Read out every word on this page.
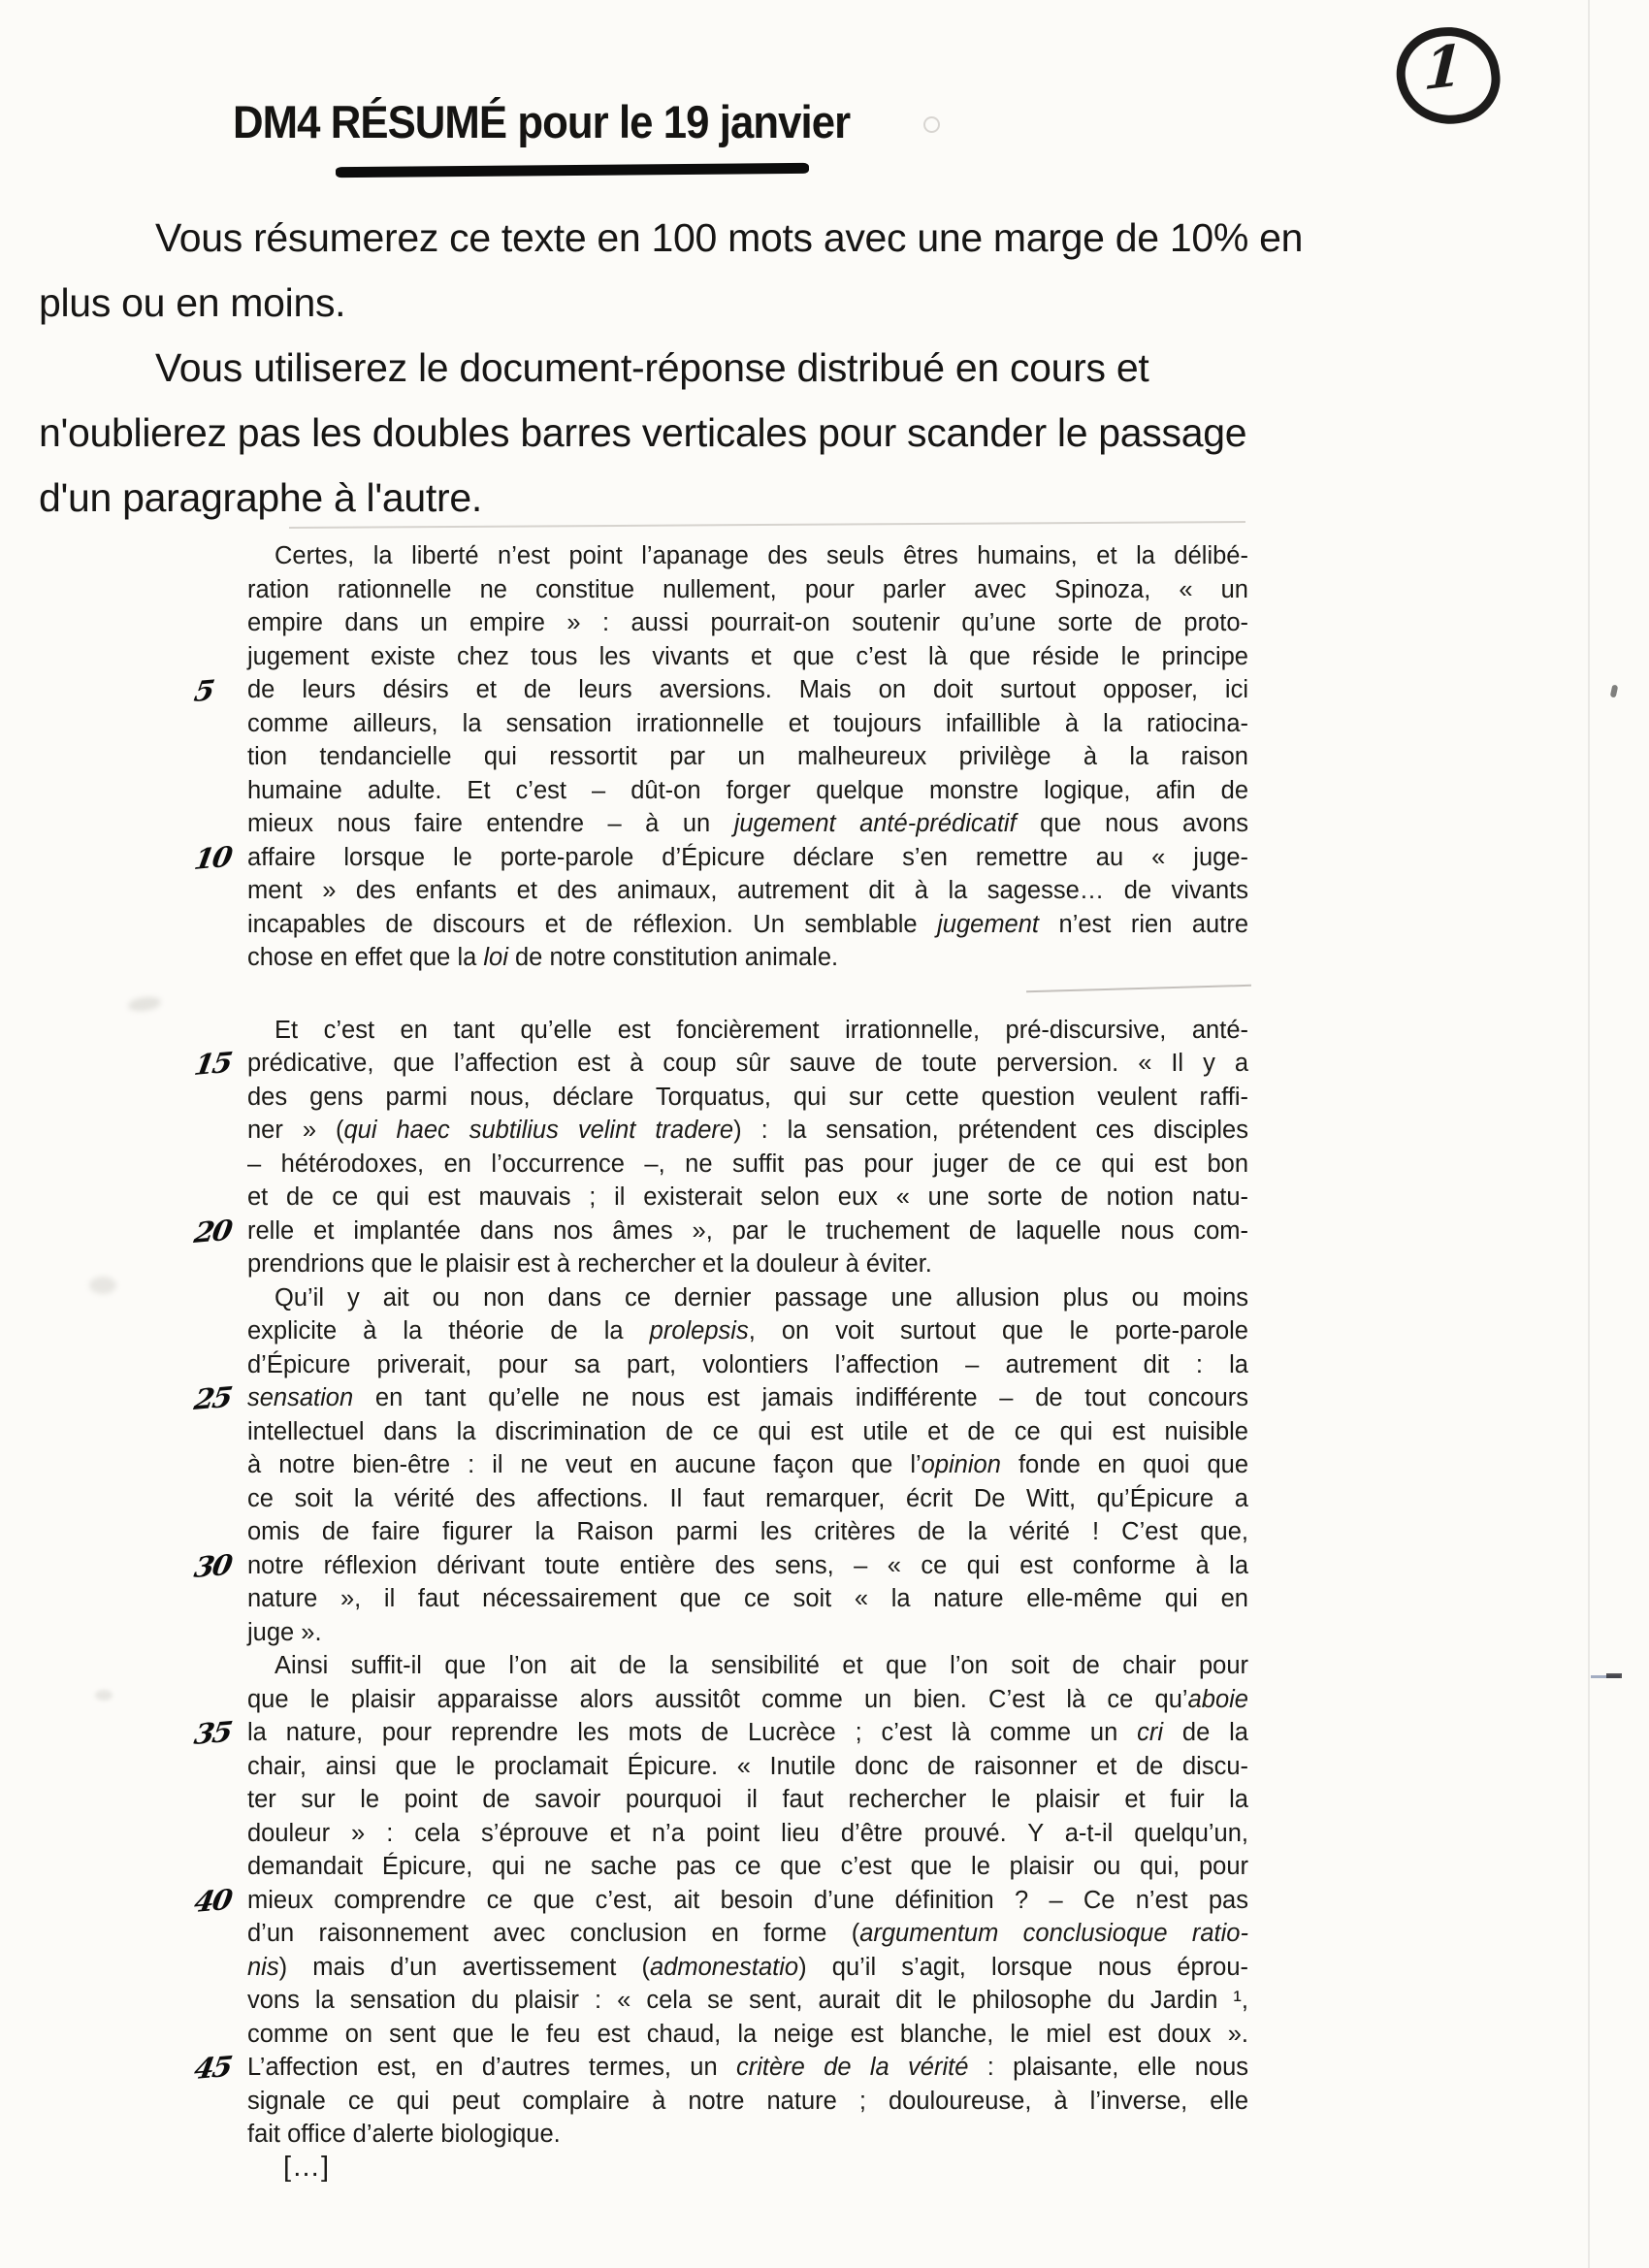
1
DM4 RÉSUMÉ pour le 19 janvier
Vous résumerez ce texte en 100 mots avec une marge de 10% en
plus ou en moins.
Vous utiliserez le document-réponse distribué en cours et
n'oublierez pas les doubles barres verticales pour scander le passage
d'un paragraphe à l'autre.
Certes, la liberté n’est point l’apanage des seuls êtres humains, et la délibé-
ration rationnelle ne constitue nullement, pour parler avec Spinoza, « un
empire dans un empire » : aussi pourrait-on soutenir qu’une sorte de proto-
jugement existe chez tous les vivants et que c’est là que réside le principe
5	de leurs désirs et de leurs aversions. Mais on doit surtout opposer, ici
comme ailleurs, la sensation irrationnelle et toujours infaillible à la ratiocina-
tion tendancielle qui ressortit par un malheureux privilège à la raison
humaine adulte. Et c’est – dût-on forger quelque monstre logique, afin de
mieux nous faire entendre – à un jugement anté-prédicatif que nous avons
10 affaire lorsque le porte-parole d’Épicure déclare s’en remettre au « juge-
ment » des enfants et des animaux, autrement dit à la sagesse… de vivants
incapables de discours et de réflexion. Un semblable jugement n’est rien autre
chose en effet que la loi de notre constitution animale.
Et c’est en tant qu’elle est foncièrement irrationnelle, pré-discursive, anté-
15 prédicative, que l’affection est à coup sûr sauve de toute perversion. « Il y a
des gens parmi nous, déclare Torquatus, qui sur cette question veulent raffi-
ner » (qui haec subtilius velint tradere) : la sensation, prétendent ces disciples
– hétérodoxes, en l’occurrence –, ne suffit pas pour juger de ce qui est bon
et de ce qui est mauvais ; il existerait selon eux « une sorte de notion natu-
20 relle et implantée dans nos âmes », par le truchement de laquelle nous com-
prendrions que le plaisir est à rechercher et la douleur à éviter.
Qu’il y ait ou non dans ce dernier passage une allusion plus ou moins
explicite à la théorie de la prolepsis, on voit surtout que le porte-parole
d’Épicure priverait, pour sa part, volontiers l’affection – autrement dit : la
25 sensation en tant qu’elle ne nous est jamais indifférente – de tout concours
intellectuel dans la discrimination de ce qui est utile et de ce qui est nuisible
à notre bien-être : il ne veut en aucune façon que l’opinion fonde en quoi que
ce soit la vérité des affections. Il faut remarquer, écrit De Witt, qu’Épicure a
omis de faire figurer la Raison parmi les critères de la vérité ! C’est que,
30 notre réflexion dérivant toute entière des sens, – « ce qui est conforme à la
nature », il faut nécessairement que ce soit « la nature elle-même qui en
juge ».
Ainsi suffit-il que l’on ait de la sensibilité et que l’on soit de chair pour
que le plaisir apparaisse alors aussitôt comme un bien. C’est là ce qu’aboie
35 la nature, pour reprendre les mots de Lucrèce ; c’est là comme un cri de la
chair, ainsi que le proclamait Épicure. « Inutile donc de raisonner et de discu-
ter sur le point de savoir pourquoi il faut rechercher le plaisir et fuir la
douleur » : cela s’éprouve et n’a point lieu d’être prouvé. Y a-t-il quelqu’un,
demandait Épicure, qui ne sache pas ce que c’est que le plaisir ou qui, pour
40 mieux comprendre ce que c’est, ait besoin d’une définition ? – Ce n’est pas
d’un raisonnement avec conclusion en forme (argumentum conclusioque ratio-
nis) mais d’un avertissement (admonestatio) qu’il s’agit, lorsque nous éprou-
vons la sensation du plaisir : « cela se sent, aurait dit le philosophe du Jardin ¹,
comme on sent que le feu est chaud, la neige est blanche, le miel est doux ».
45 L’affection est, en d’autres termes, un critère de la vérité : plaisante, elle nous
signale ce qui peut complaire à notre nature ; douloureuse, à l’inverse, elle
fait office d’alerte biologique.
[…]
